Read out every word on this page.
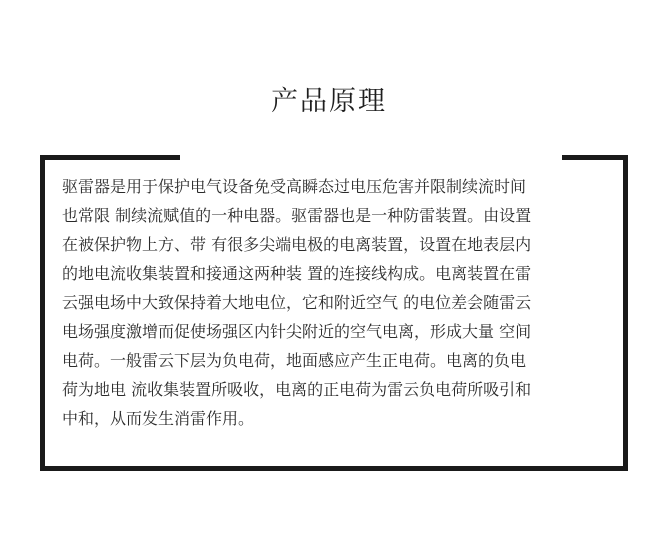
产品原理
驱雷器是用于保护电气设备免受高瞬态过电压危害并限制续流时间
也常限 制续流赋值的一种电器。驱雷器也是一种防雷装置。由设置
在被保护物上方、带 有很多尖端电极的电离装置，设置在地表层内
的地电流收集装置和接通这两种装 置的连接线构成。电离装置在雷
云强电场中大致保持着大地电位，它和附近空气 的电位差会随雷云
电场强度激增而促使场强区内针尖附近的空气电离，形成大量 空间
电荷。一般雷云下层为负电荷，地面感应产生正电荷。电离的负电
荷为地电 流收集装置所吸收，电离的正电荷为雷云负电荷所吸引和
中和，从而发生消雷作用。
